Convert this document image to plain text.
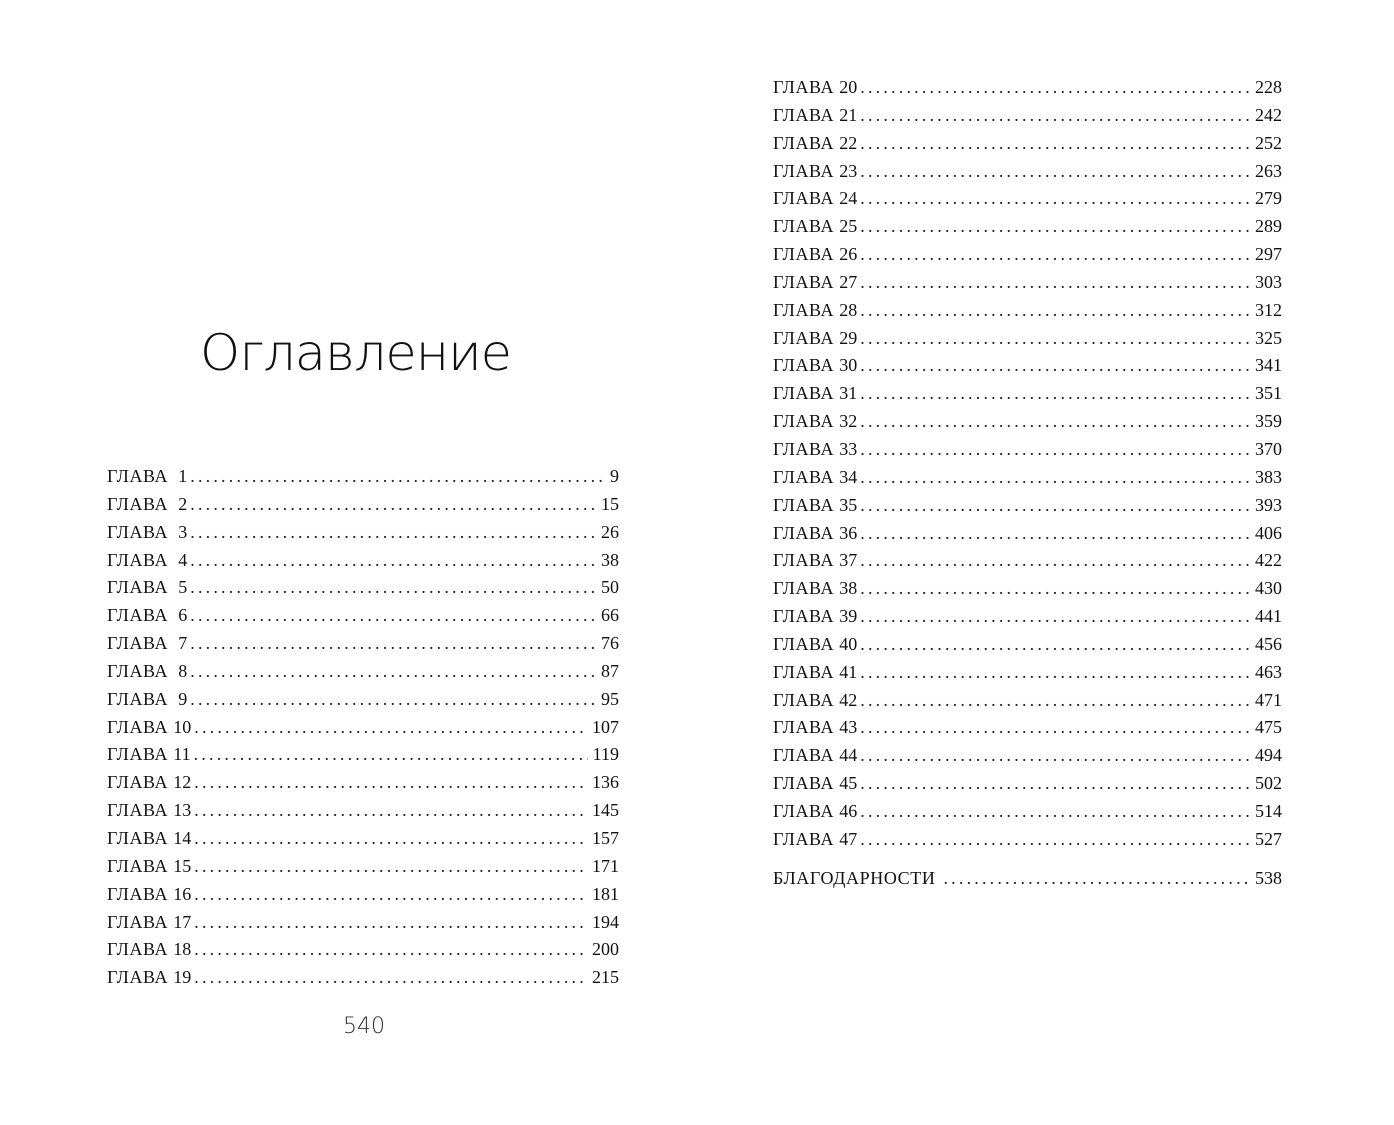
Оглавление
ГЛАВА 1 .....	9
ГЛАВА 2 .....	15
ГЛАВА 3 .....	26
ГЛАВА 4 .....	38
ГЛАВА 5 .....	50
ГЛАВА 6 .....	66
ГЛАВА 7 .....	76
ГЛАВА 8 .....	87
ГЛАВА 9 .....	95
ГЛАВА 10 .....	107
ГЛАВА 11 .....	119
ГЛАВА 12 .....	136
ГЛАВА 13 .....	145
ГЛАВА 14 .....	157
ГЛАВА 15 .....	171
ГЛАВА 16 .....	181
ГЛАВА 17 .....	194
ГЛАВА 18 .....	200
ГЛАВА 19 .....	215
540
ГЛАВА 20 .....	228
ГЛАВА 21 .....	242
ГЛАВА 22 .....	252
ГЛАВА 23 .....	263
ГЛАВА 24 .....	279
ГЛАВА 25 .....	289
ГЛАВА 26 .....	297
ГЛАВА 27 .....	303
ГЛАВА 28 .....	312
ГЛАВА 29 .....	325
ГЛАВА 30 .....	341
ГЛАВА 31 .....	351
ГЛАВА 32 .....	359
ГЛАВА 33 .....	370
ГЛАВА 34 .....	383
ГЛАВА 35 .....	393
ГЛАВА 36 .....	406
ГЛАВА 37 .....	422
ГЛАВА 38 .....	430
ГЛАВА 39 .....	441
ГЛАВА 40 .....	456
ГЛАВА 41 .....	463
ГЛАВА 42 .....	471
ГЛАВА 43 .....	475
ГЛАВА 44 .....	494
ГЛАВА 45 .....	502
ГЛАВА 46 .....	514
ГЛАВА 47 .....	527
БЛАГОДАРНОСТИ .....	538
